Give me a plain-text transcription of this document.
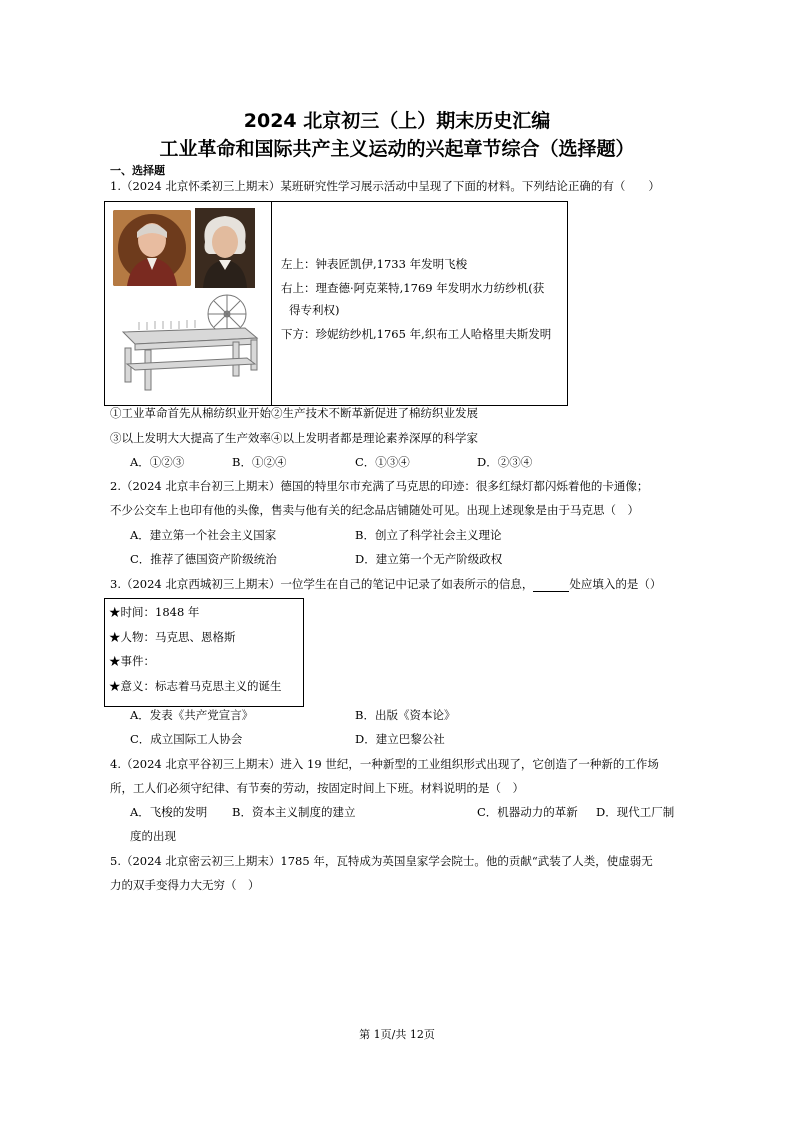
2024 北京初三（上）期末历史汇编
工业革命和国际共产主义运动的兴起章节综合（选择题）
一、选择题
1.（2024 北京怀柔初三上期末）某班研究性学习展示活动中呈现了下面的材料。下列结论正确的有（　　）
左上：钟表匠凯伊,1733 年发明飞梭
右上：理查德·阿克莱特,1769 年发明水力纺纱机(获
得专利权)
下方：珍妮纺纱机,1765 年,织布工人哈格里夫斯发明
①工业革命首先从棉纺织业开始②生产技术不断革新促进了棉纺织业发展
③以上发明大大提高了生产效率④以上发明者都是理论素养深厚的科学家
A．①②③	B．①②④	C．①③④	D．②③④
2.（2024 北京丰台初三上期末）德国的特里尔市充满了马克思的印迹：很多红绿灯都闪烁着他的卡通像；
不少公交车上也印有他的头像，售卖与他有关的纪念品店铺随处可见。出现上述现象是由于马克思（　）
A．建立第一个社会主义国家	B．创立了科学社会主义理论
C．推荐了德国资产阶级统治	D．建立第一个无产阶级政权
3.（2024 北京西城初三上期末）一位学生在自己的笔记中记录了如表所示的信息，	处应填入的是（）
★时间：1848 年
★人物：马克思、恩格斯
★事件：
★意义：标志着马克思主义的诞生
A．发表《共产党宣言》	B．出版《资本论》
C．成立国际工人协会	D．建立巴黎公社
4.（2024 北京平谷初三上期末）进入 19 世纪，一种新型的工业组织形式出现了，它创造了一种新的工作场
所，工人们必须守纪律、有节奏的劳动，按固定时间上下班。材料说明的是（　）
A．飞梭的发明 B．资本主义制度的建立	C．机器动力的革新 D．现代工厂制
度的出现
5.（2024 北京密云初三上期末）1785 年，瓦特成为英国皇家学会院士。他的贡献“武装了人类，使虚弱无
力的双手变得力大无穷（　）
第 1页/共 12页
